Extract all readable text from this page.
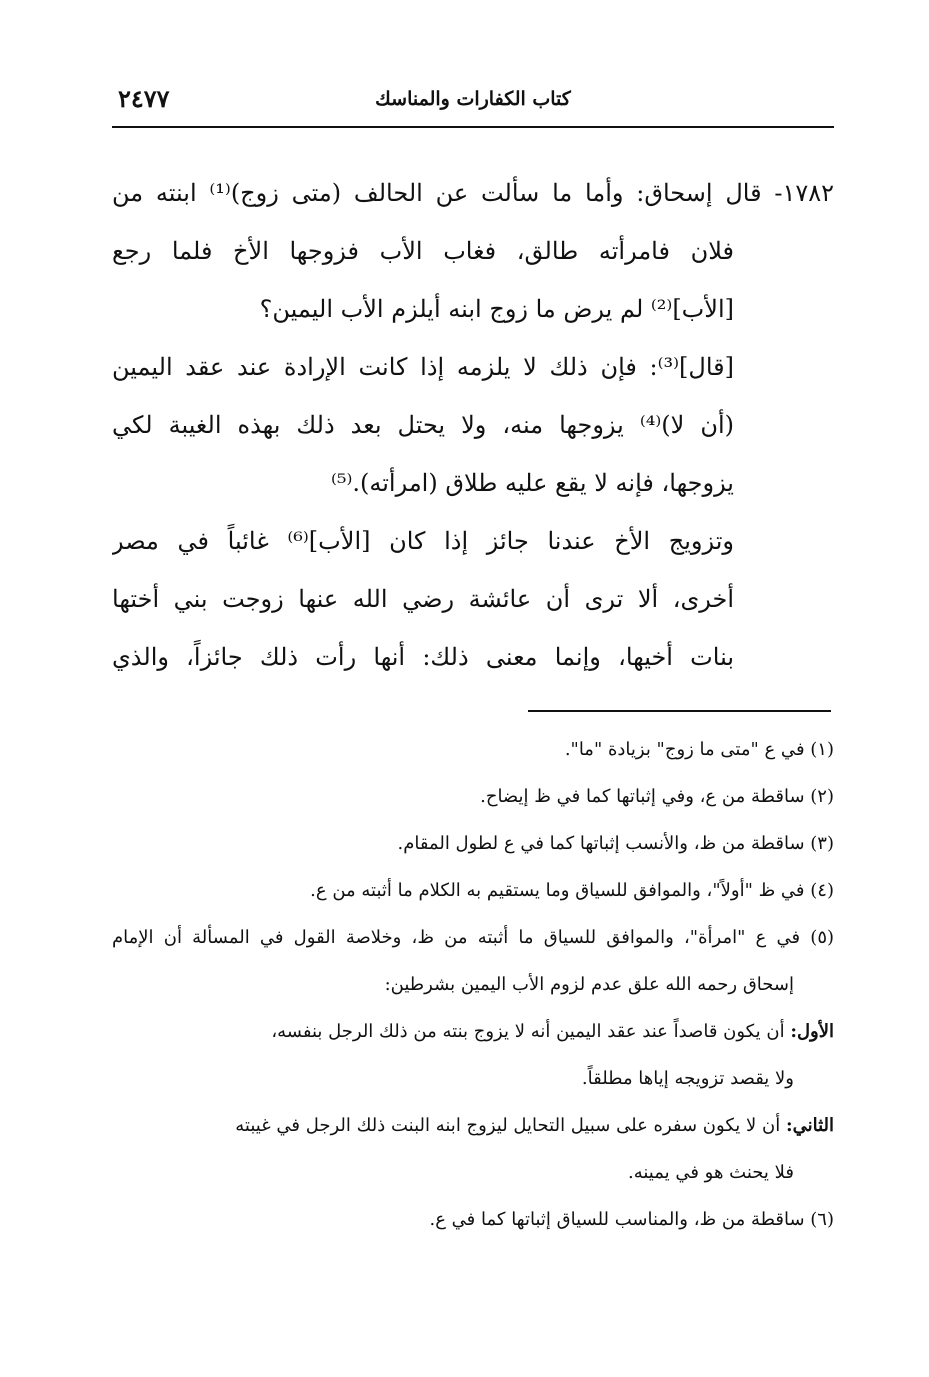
كتاب الكفارات والمناسك
٢٤٧٧
١٧٨٢- قال إسحاق: وأما ما سألت عن الحالف (متى زوج)⁽¹⁾ ابنته من
فلان فامرأته طالق، فغاب الأب فزوجها الأخ فلما رجع
[الأب]⁽²⁾ لم يرض ما زوج ابنه أيلزم الأب اليمين؟
[قال]⁽³⁾: فإن ذلك لا يلزمه إذا كانت الإرادة عند عقد اليمين
(أن لا)⁽⁴⁾ يزوجها منه، ولا يحتل بعد ذلك بهذه الغيبة لكي
يزوجها، فإنه لا يقع عليه طلاق (امرأته).⁽⁵⁾
وتزويج الأخ عندنا جائز إذا كان [الأب]⁽⁶⁾ غائباً في مصر
أخرى، ألا ترى أن عائشة رضي الله عنها زوجت بني أختها
بنات أخيها، وإنما معنى ذلك: أنها رأت ذلك جائزاً، والذي
(١) في ع "متى ما زوج" بزيادة "ما".
(٢) ساقطة من ع، وفي إثباتها كما في ظ إيضاح.
(٣) ساقطة من ظ، والأنسب إثباتها كما في ع لطول المقام.
(٤) في ظ "أولاً"، والموافق للسياق وما يستقيم به الكلام ما أثبته من ع.
(٥) في ع "امرأة"، والموافق للسياق ما أثبته من ظ، وخلاصة القول في المسألة أن الإمام
إسحاق رحمه الله علق عدم لزوم الأب اليمين بشرطين:
الأول: أن يكون قاصداً عند عقد اليمين أنه لا يزوج بنته من ذلك الرجل بنفسه،
ولا يقصد تزويجه إياها مطلقاً.
الثاني: أن لا يكون سفره على سبيل التحايل ليزوج ابنه البنت ذلك الرجل في غيبته
فلا يحنث هو في يمينه.
(٦) ساقطة من ظ، والمناسب للسياق إثباتها كما في ع.
